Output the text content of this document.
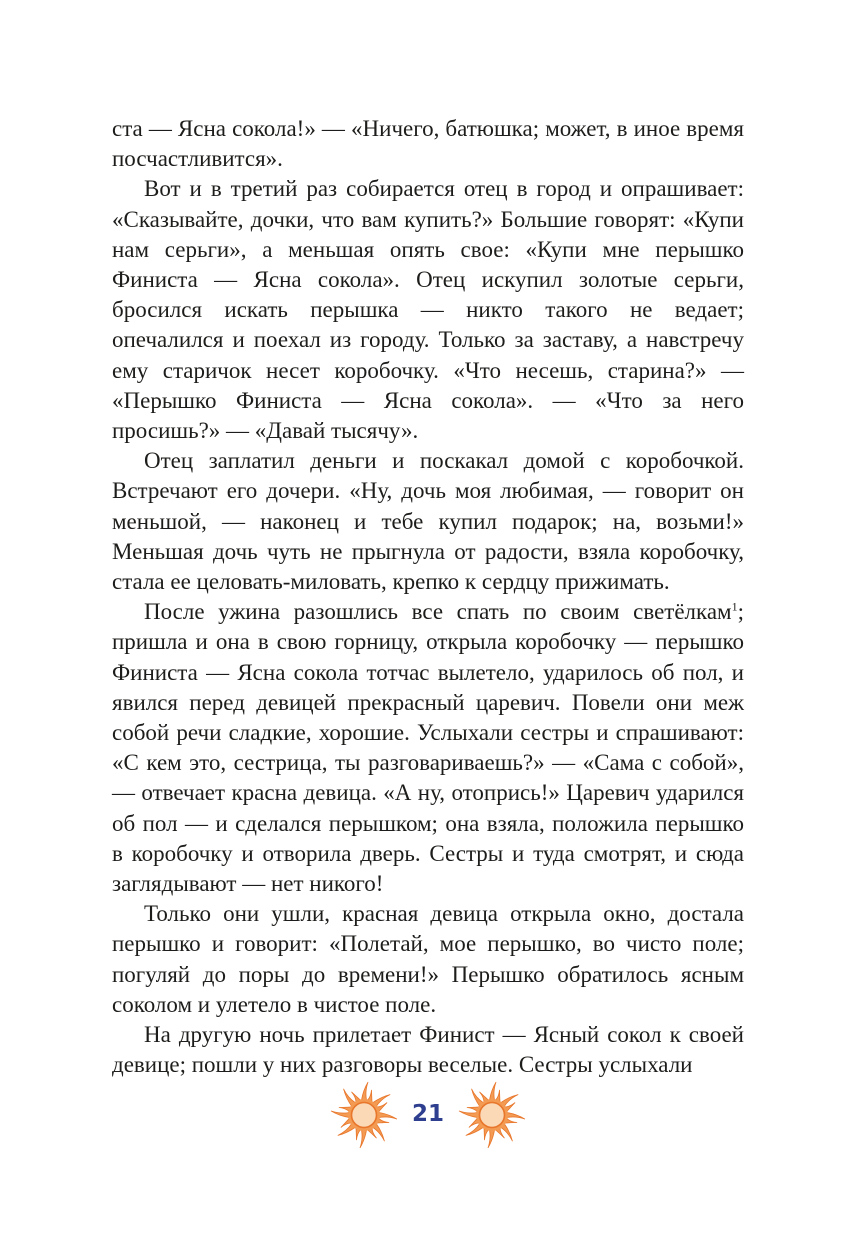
ста — Ясна сокола!» — «Ничего, батюшка; может, в иное время посчастливится».

Вот и в третий раз собирается отец в город и опрашивает: «Сказывайте, дочки, что вам купить?» Большие говорят: «Купи нам серьги», а меньшая опять свое: «Купи мне перышко Финиста — Ясна сокола». Отец искупил золотые серьги, бросился искать перышка — никто такого не ведает; опечалился и поехал из городу. Только за заставу, а навстречу ему старичок несет коробочку. «Что несешь, старина?» — «Перышко Финиста — Ясна сокола». — «Что за него просишь?» — «Давай тысячу».

Отец заплатил деньги и поскакал домой с коробочкой. Встречают его дочери. «Ну, дочь моя любимая, — говорит он меньшой, — наконец и тебе купил подарок; на, возьми!» Меньшая дочь чуть не прыгнула от радости, взяла коробочку, стала ее целовать-миловать, крепко к сердцу прижимать.

После ужина разошлись все спать по своим светёлкам$^1$; пришла и она в свою горницу, открыла коробочку — перышко Финиста — Ясна сокола тотчас вылетело, ударилось об пол, и явился перед девицей прекрасный царевич. Повели они меж собой речи сладкие, хорошие. Услыхали сестры и спрашивают: «С кем это, сестрица, ты разговариваешь?» — «Сама с собой», — отвечает красна девица. «А ну, отопрись!» Царевич ударился об пол — и сделался перышком; она взяла, положила перышко в коробочку и отворила дверь. Сестры и туда смотрят, и сюда заглядывают — нет никого!

Только они ушли, красная девица открыла окно, достала перышко и говорит: «Полетай, мое перышко, во чисто поле; погуляй до поры до времени!» Перышко обратилось ясным соколом и улетело в чистое поле.

На другую ночь прилетает Финист — Ясный сокол к своей девице; пошли у них разговоры веселые. Сестры услыхали

21
